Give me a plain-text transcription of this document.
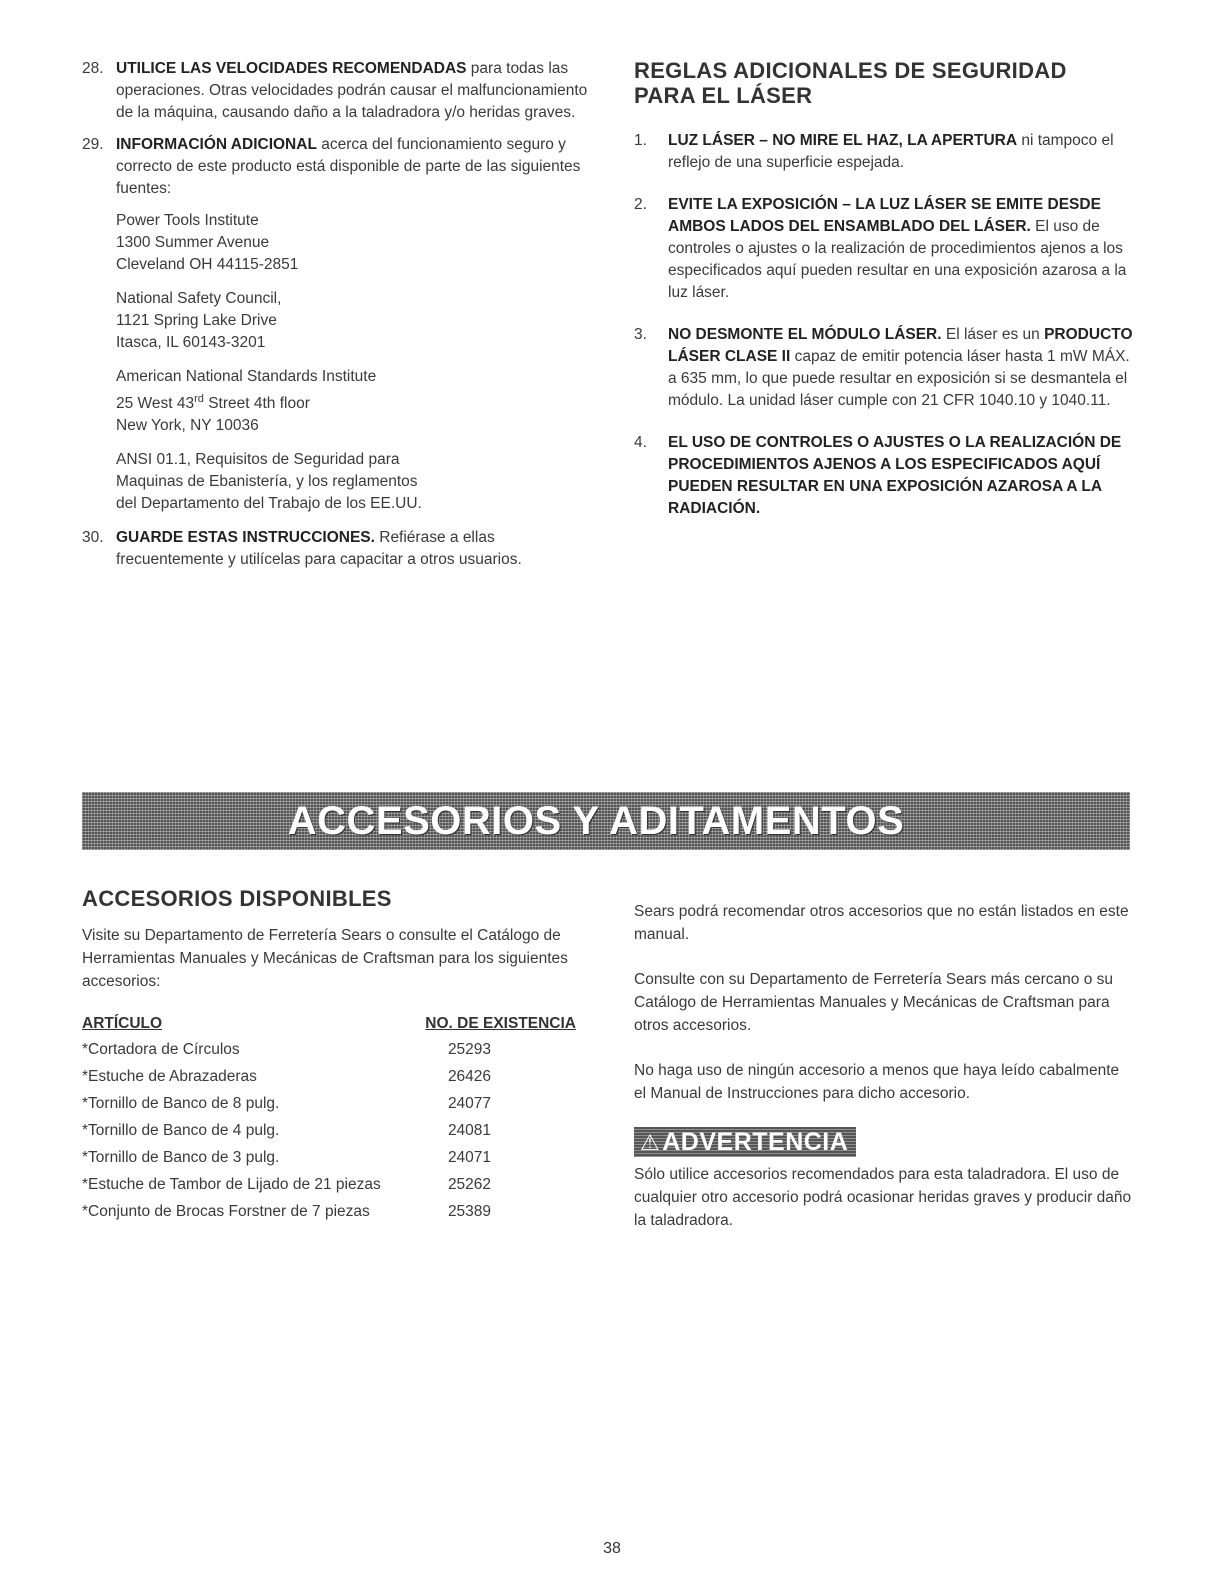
28. UTILICE LAS VELOCIDADES RECOMENDADAS para todas las operaciones. Otras velocidades podrán causar el malfuncionamiento de la máquina, causando daño a la taladradora y/o heridas graves.
29. INFORMACIÓN ADICIONAL acerca del funcionamiento seguro y correcto de este producto está disponible de parte de las siguientes fuentes:
Power Tools Institute
1300 Summer Avenue
Cleveland OH 44115-2851
National Safety Council,
1121 Spring Lake Drive
Itasca, IL 60143-3201
American National Standards Institute
25 West 43rd Street 4th floor
New York, NY 10036
ANSI 01.1, Requisitos de Seguridad para
Maquinas de Ebanistería, y los reglamentos
del Departamento del Trabajo de los EE.UU.
30. GUARDE ESTAS INSTRUCCIONES. Refiérase a ellas frecuentemente y utilícelas para capacitar a otros usuarios.
REGLAS ADICIONALES DE SEGURIDAD
PARA EL LÁSER
1. LUZ LÁSER – NO MIRE EL HAZ, LA APERTURA ni tampoco el reflejo de una superficie espejada.
2. EVITE LA EXPOSICIÓN – LA LUZ LÁSER SE EMITE DESDE AMBOS LADOS DEL ENSAMBLADO DEL LÁSER. El uso de controles o ajustes o la realización de procedimientos ajenos a los especificados aquí pueden resultar en una exposición azarosa a la luz láser.
3. NO DESMONTE EL MÓDULO LÁSER. El láser es un PRODUCTO LÁSER CLASE II capaz de emitir potencia láser hasta 1 mW MÁX. a 635 mm, lo que puede resultar en exposición si se desmantela el módulo. La unidad láser cumple con 21 CFR 1040.10 y 1040.11.
4. EL USO DE CONTROLES O AJUSTES O LA REALIZACIÓN DE PROCEDIMIENTOS AJENOS A LOS ESPECIFICADOS AQUÍ PUEDEN RESULTAR EN UNA EXPOSICIÓN AZAROSA A LA RADIACIÓN.
ACCESORIOS Y ADITAMENTOS
ACCESORIOS DISPONIBLES
Visite su Departamento de Ferretería Sears o consulte el Catálogo de Herramientas Manuales y Mecánicas de Craftsman para los siguientes accesorios:
ARTÍCULO	NO. DE EXISTENCIA
*Cortadora de Círculos	25293
*Estuche de Abrazaderas	26426
*Tornillo de Banco de 8 pulg.	24077
*Tornillo de Banco de 4 pulg.	24081
*Tornillo de Banco de 3 pulg.	24071
*Estuche de Tambor de Lijado de 21 piezas	25262
*Conjunto de Brocas Forstner de 7 piezas	25389

Sears podrá recomendar otros accesorios que no están listados en este manual.

Consulte con su Departamento de Ferretería Sears más cercano o su Catálogo de Herramientas Manuales y Mecánicas de Craftsman para otros accesorios.

No haga uso de ningún accesorio a menos que haya leído cabalmente el Manual de Instrucciones para dicho accesorio.

⚠ ADVERTENCIA
Sólo utilice accesorios recomendados para esta taladradora. El uso de cualquier otro accesorio podrá ocasionar heridas graves y producir daño la taladradora.
38
